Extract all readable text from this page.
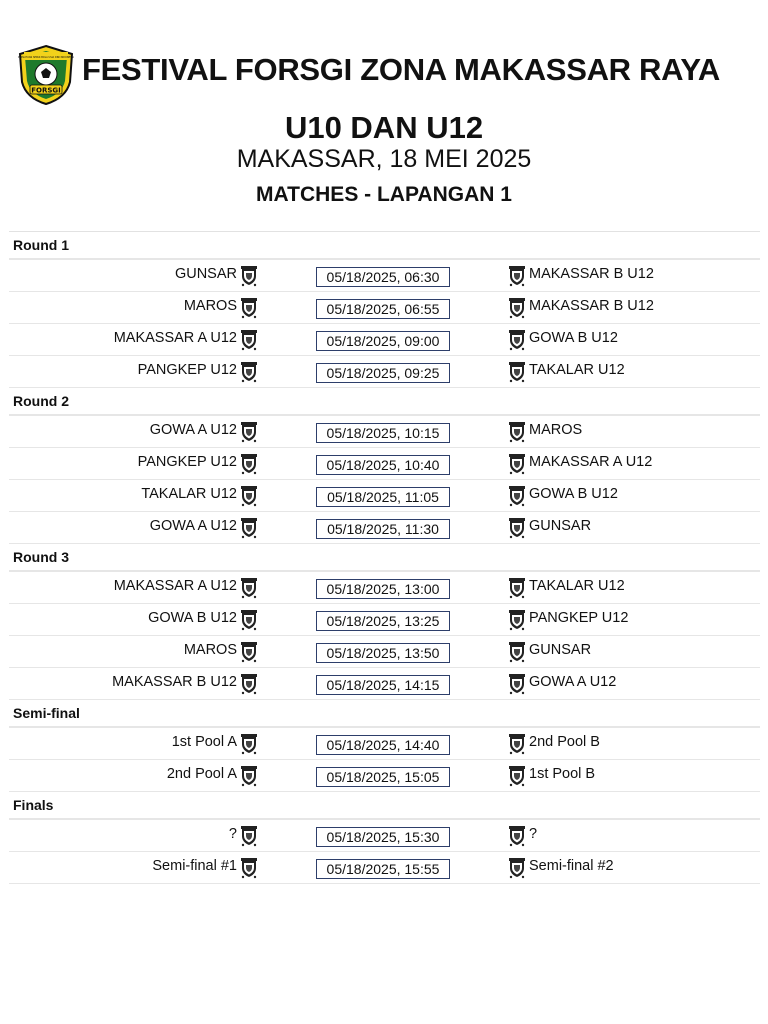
PERSATUAN SEPAK BOLA USIA DINI INDONESIA
FORSGI
FESTIVAL FORSGI ZONA MAKASSAR RAYA
U10 DAN U12
MAKASSAR, 18 MEI 2025
MATCHES - LAPANGAN 1
Round 1
GUNSAR	05/18/2025, 06:30	MAKASSAR B U12
MAROS	05/18/2025, 06:55	MAKASSAR B U12
MAKASSAR A U12	05/18/2025, 09:00	GOWA B U12
PANGKEP U12	05/18/2025, 09:25	TAKALAR U12
Round 2
GOWA A U12	05/18/2025, 10:15	MAROS
PANGKEP U12	05/18/2025, 10:40	MAKASSAR A U12
TAKALAR U12	05/18/2025, 11:05	GOWA B U12
GOWA A U12	05/18/2025, 11:30	GUNSAR
Round 3
MAKASSAR A U12	05/18/2025, 13:00	TAKALAR U12
GOWA B U12	05/18/2025, 13:25	PANGKEP U12
MAROS	05/18/2025, 13:50	GUNSAR
MAKASSAR B U12	05/18/2025, 14:15	GOWA A U12
Semi-final
1st Pool A	05/18/2025, 14:40	2nd Pool B
2nd Pool A	05/18/2025, 15:05	1st Pool B
Finals
?	05/18/2025, 15:30	?
Semi-final #1	05/18/2025, 15:55	Semi-final #2
